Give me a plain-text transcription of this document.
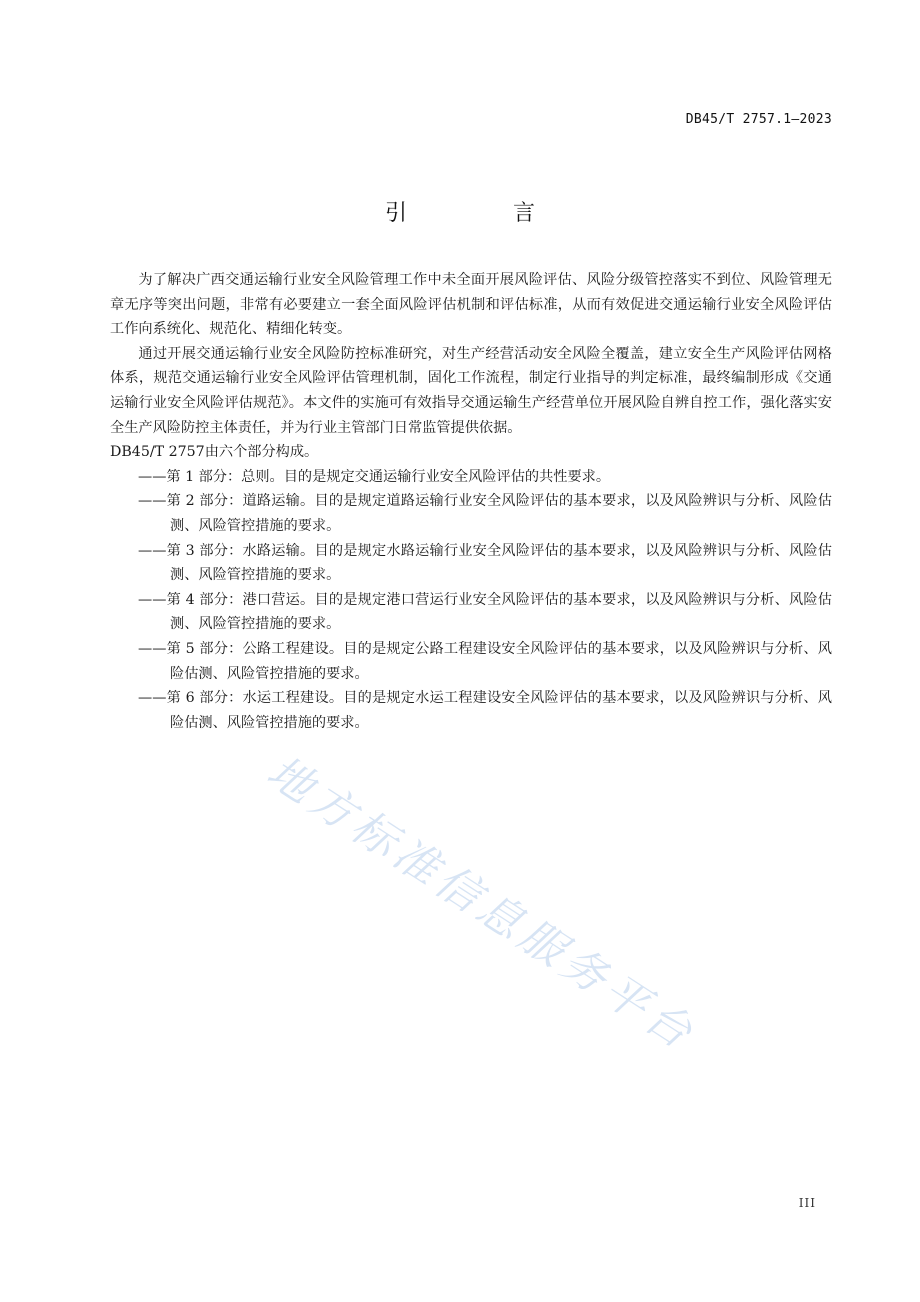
DB45/T 2757.1—2023
引　言

为了解决广西交通运输行业安全风险管理工作中未全面开展风险评估、风险分级管控落实不到位、风险管理无章无序等突出问题，非常有必要建立一套全面风险评估机制和评估标准，从而有效促进交通运输行业安全风险评估工作向系统化、规范化、精细化转变。

通过开展交通运输行业安全风险防控标准研究，对生产经营活动安全风险全覆盖，建立安全生产风险评估网格体系，规范交通运输行业安全风险评估管理机制，固化工作流程，制定行业指导的判定标准，最终编制形成《交通运输行业安全风险评估规范》。本文件的实施可有效指导交通运输生产经营单位开展风险自辨自控工作，强化落实安全生产风险防控主体责任，并为行业主管部门日常监管提供依据。

DB45/T 2757由六个部分构成。

——第 1 部分：总则。目的是规定交通运输行业安全风险评估的共性要求。

——第 2 部分：道路运输。目的是规定道路运输行业安全风险评估的基本要求，以及风险辨识与分析、风险估测、风险管控措施的要求。

——第 3 部分：水路运输。目的是规定水路运输行业安全风险评估的基本要求，以及风险辨识与分析、风险估测、风险管控措施的要求。

——第 4 部分：港口营运。目的是规定港口营运行业安全风险评估的基本要求，以及风险辨识与分析、风险估测、风险管控措施的要求。

——第 5 部分：公路工程建设。目的是规定公路工程建设安全风险评估的基本要求，以及风险辨识与分析、风险估测、风险管控措施的要求。

——第 6 部分：水运工程建设。目的是规定水运工程建设安全风险评估的基本要求，以及风险辨识与分析、风险估测、风险管控措施的要求。

地方标准信息服务平台
III
